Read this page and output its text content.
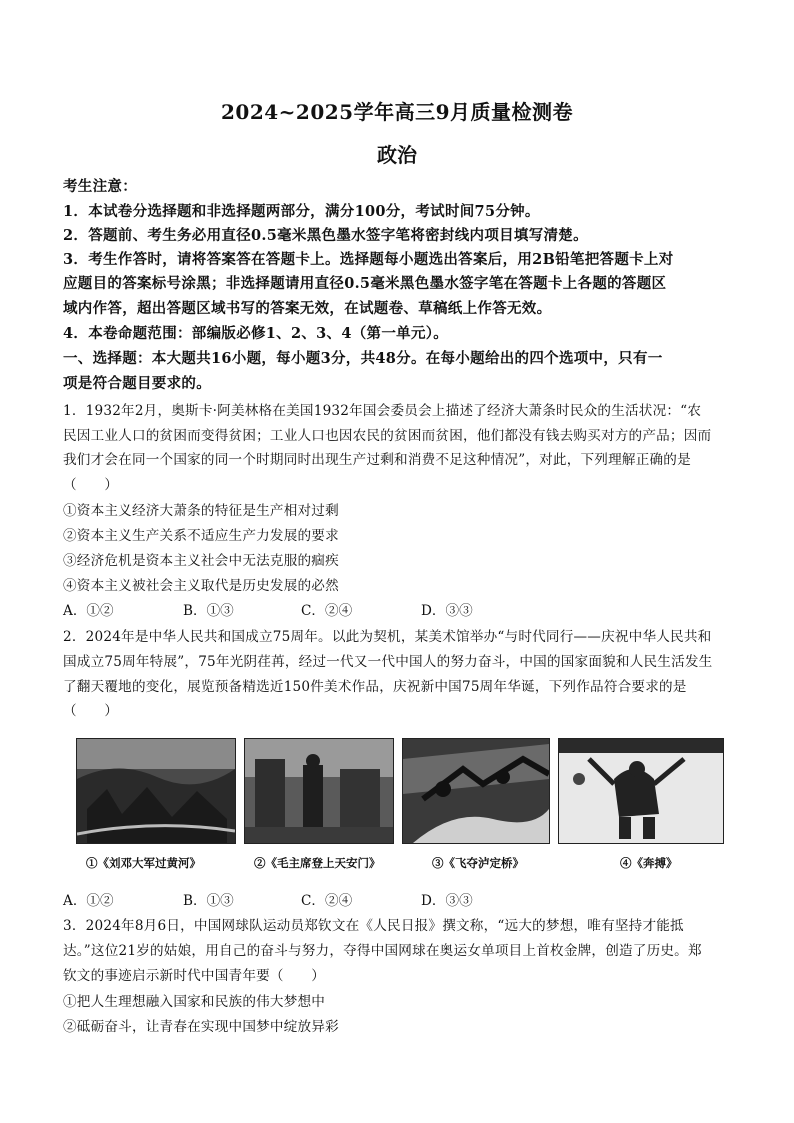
2024~2025学年高三9月质量检测卷
政治
考生注意：
1．本试卷分选择题和非选择题两部分，满分100分，考试时间75分钟。
2．答题前、考生务必用直径0.5毫米黑色墨水签字笔将密封线内项目填写清楚。
3．考生作答时，请将答案答在答题卡上。选择题每小题选出答案后，用2B铅笔把答题卡上对
应题目的答案标号涂黑；非选择题请用直径0.5毫米黑色墨水签字笔在答题卡上各题的答题区
域内作答，超出答题区域书写的答案无效，在试题卷、草稿纸上作答无效。
4．本卷命题范围：部编版必修1、2、3、4（第一单元）。
一、选择题：本大题共16小题，每小题3分，共48分。在每小题给出的四个选项中，只有一
项是符合题目要求的。
1．1932年2月，奥斯卡·阿美林格在美国1932年国会委员会上描述了经济大萧条时民众的生活状况：“农
民因工业人口的贫困而变得贫困；工业人口也因农民的贫困而贫困，他们都没有钱去购买对方的产品；因而
我们才会在同一个国家的同一个时期同时出现生产过剩和消费不足这种情况”，对此，下列理解正确的是
（　　）
①资本主义经济大萧条的特征是生产相对过剩
②资本主义生产关系不适应生产力发展的要求
③经济危机是资本主义社会中无法克服的痼疾
④资本主义被社会主义取代是历史发展的必然
A．①②	B．①③	C．②④	D．③③
2．2024年是中华人民共和国成立75周年。以此为契机，某美术馆举办“与时代同行——庆祝中华人民共和
国成立75周年特展”，75年光阴荏苒，经过一代又一代中国人的努力奋斗，中国的国家面貌和人民生活发生
了翻天覆地的变化，展览预备精选近150件美术作品，庆祝新中国75周年华诞，下列作品符合要求的是
（　　）
①《刘邓大军过黄河》	②《毛主席登上天安门》	③《飞夺泸定桥》	④《奔搏》
A．①②	B．①③	C．②④	D．③③
3．2024年8月6日，中国网球队运动员郑钦文在《人民日报》撰文称，“远大的梦想，唯有坚持才能抵
达。”这位21岁的姑娘，用自己的奋斗与努力，夺得中国网球在奥运女单项目上首枚金牌，创造了历史。郑
钦文的事迹启示新时代中国青年要（　　）
①把人生理想融入国家和民族的伟大梦想中
②砥砺奋斗，让青春在实现中国梦中绽放异彩
